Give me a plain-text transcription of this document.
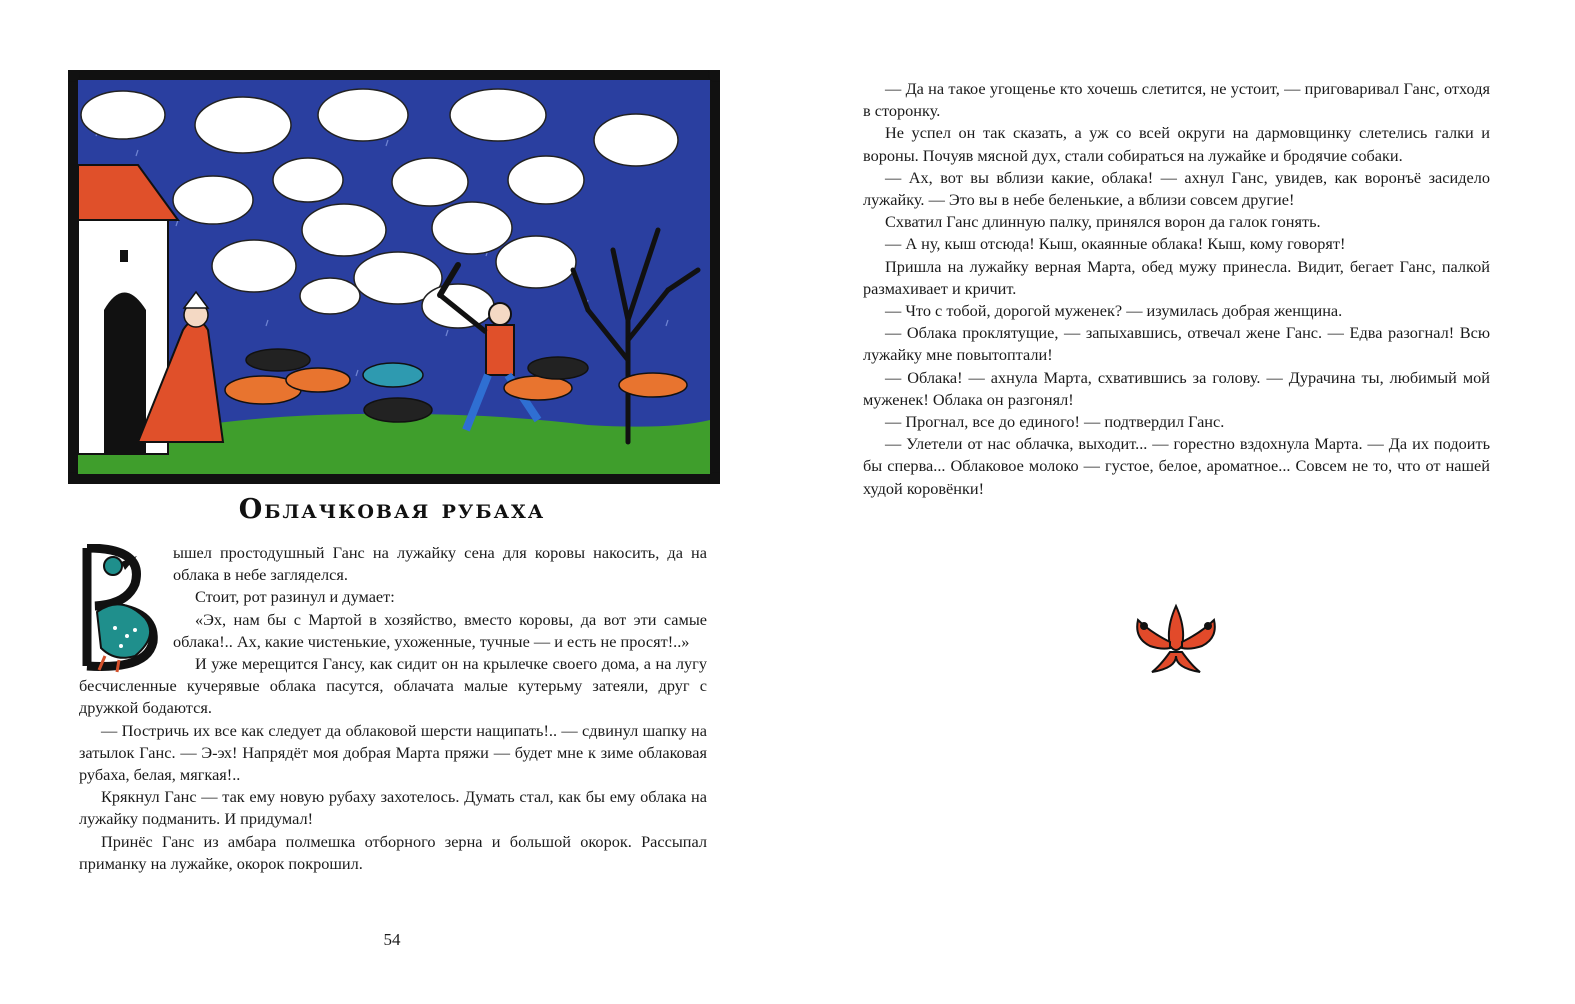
Облачковая рубаха

ышел простодушный Ганс на лужайку сена для коровы накосить, да на облака в небе загляделся.

Стоит, рот разинул и думает:

«Эх, нам бы с Мартой в хозяйство, вместо коровы, да вот эти самые облака!.. Ах, какие чистенькие, ухоженные, тучные — и есть не просят!..»

И уже мерещится Гансу, как сидит он на крылечке своего дома, а на лугу бесчисленные кучерявые облака пасутся, облачата малые кутерьму затеяли, друг с дружкой бодаются.

— Постричь их все как следует да облаковой шерсти нащипать!.. — сдвинул шапку на затылок Ганс. — Э-эх! Напрядёт моя добрая Марта пряжи — будет мне к зиме облаковая рубаха, белая, мягкая!..

Крякнул Ганс — так ему новую рубаху захотелось. Думать стал, как бы ему облака на лужайку подманить. И придумал!

Принёс Ганс из амбара полмешка отборного зерна и большой окорок. Рассыпал приманку на лужайке, окорок покрошил.

54

— Да на такое угощенье кто хочешь слетится, не устоит, — приговаривал Ганс, отходя в сторонку.

Не успел он так сказать, а уж со всей округи на дармовщинку слетелись галки и вороны. Почуяв мясной дух, стали собираться на лужайке и бродячие собаки.

— Ах, вот вы вблизи какие, облака! — ахнул Ганс, увидев, как воронъё засидело лужайку. — Это вы в небе беленькие, а вблизи совсем другие!

Схватил Ганс длинную палку, принялся ворон да галок гонять.

— А ну, кыш отсюда! Кыш, окаянные облака! Кыш, кому говорят!

Пришла на лужайку верная Марта, обед мужу принесла. Видит, бегает Ганс, палкой размахивает и кричит.

— Что с тобой, дорогой муженек? — изумилась добрая женщина.

— Облака проклятущие, — запыхавшись, отвечал жене Ганс. — Едва разогнал! Всю лужайку мне повытоптали!

— Облака! — ахнула Марта, схватившись за голову. — Дурачина ты, любимый мой муженек! Облака он разгонял!

— Прогнал, все до единого! — подтвердил Ганс.

— Улетели от нас облачка, выходит... — горестно вздохнула Марта. — Да их подоить бы сперва... Облаковое молоко — густое, белое, ароматное... Совсем не то, что от нашей худой коровёнки!
